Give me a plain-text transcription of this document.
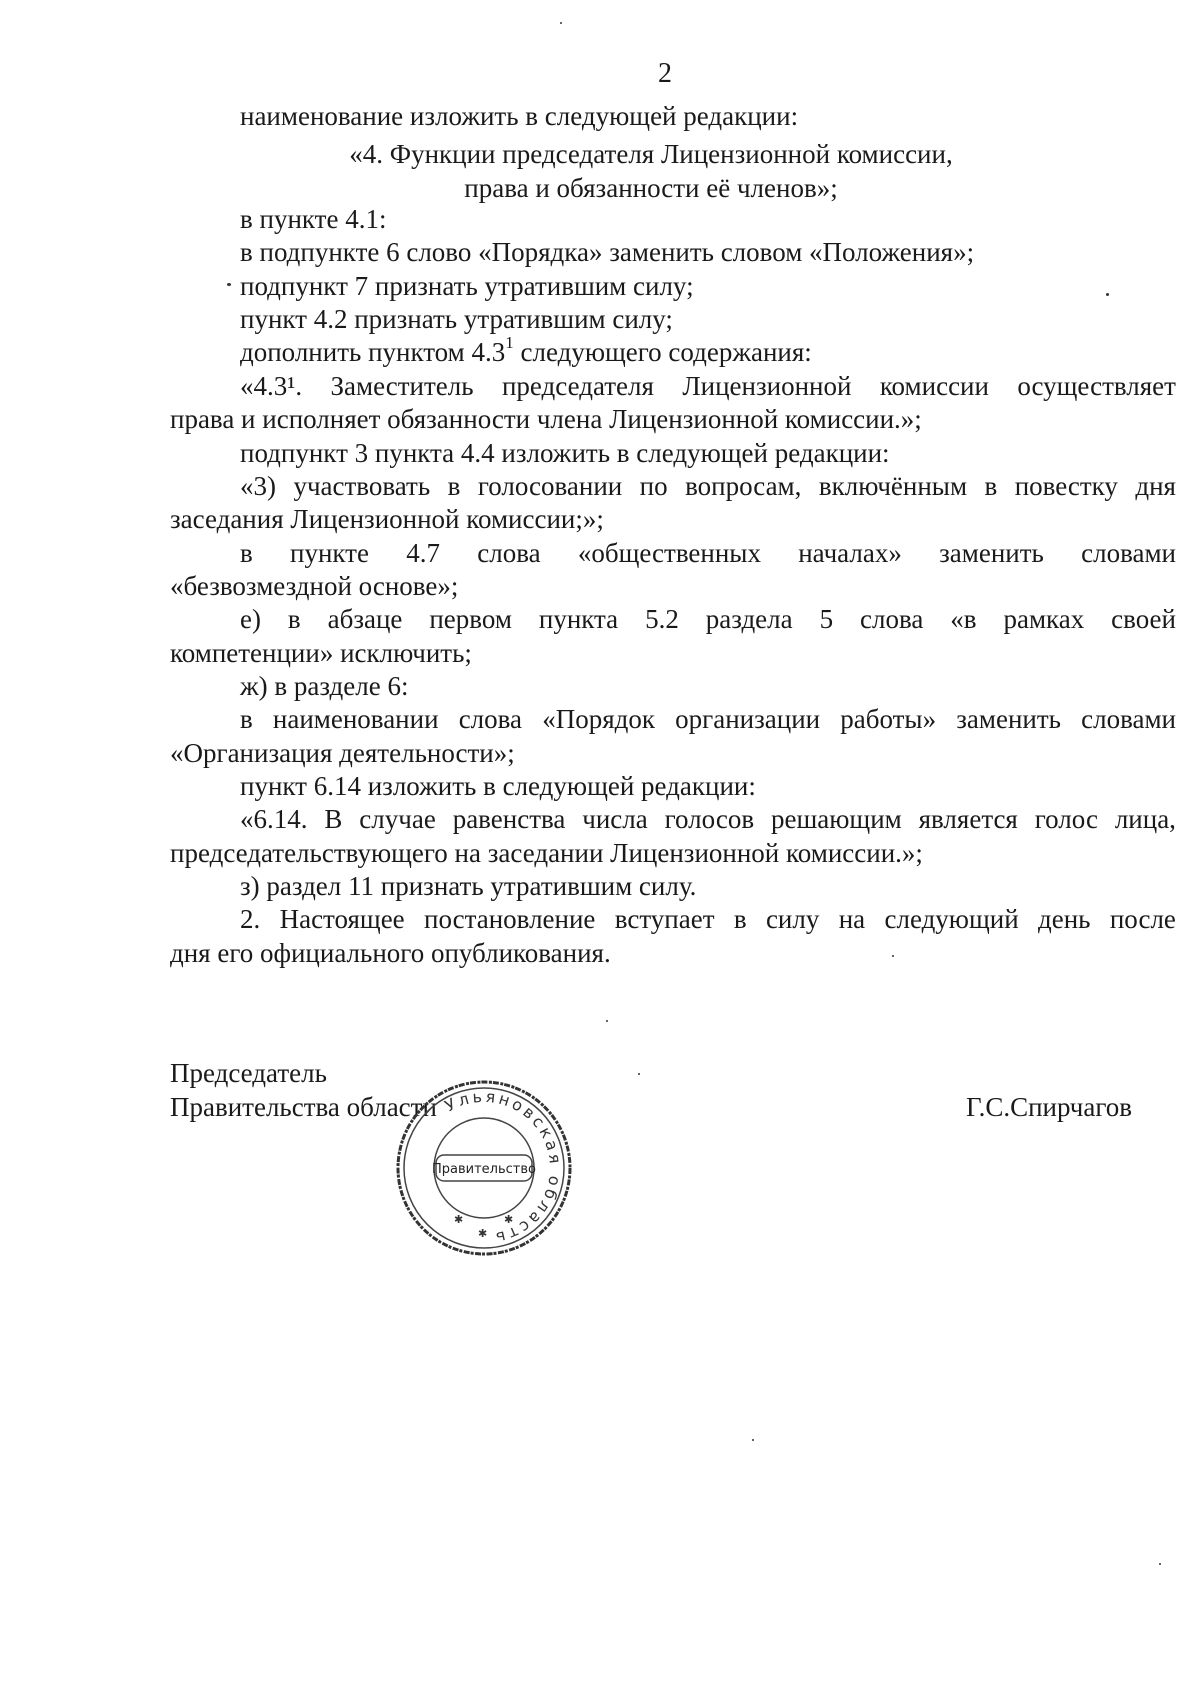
2
наименование изложить в следующей редакции:
«4. Функции председателя Лицензионной комиссии,
права и обязанности её членов»;
в пункте 4.1:
в подпункте 6 слово «Порядка» заменить словом «Положения»;
подпункт 7 признать утратившим силу;
пункт 4.2 признать утратившим силу;
дополнить пунктом $4.3^1$ следующего содержания:
«4.3¹. Заместитель председателя Лицензионной комиссии осуществляет
права и исполняет обязанности члена Лицензионной комиссии.»;
подпункт 3 пункта 4.4 изложить в следующей редакции:
«3) участвовать в голосовании по вопросам, включённым в повестку дня
заседания Лицензионной комиссии;»;
в пункте 4.7 слова «общественных началах» заменить словами
«безвозмездной основе»;
е) в абзаце первом пункта 5.2 раздела 5 слова «в рамках своей
компетенции» исключить;
ж) в разделе 6:
в наименовании слова «Порядок организации работы» заменить словами
«Организация деятельности»;
пункт 6.14 изложить в следующей редакции:
«6.14. В случае равенства числа голосов решающим является голос лица,
председательствующего на заседании Лицензионной комиссии.»;
з) раздел 11 признать утратившим силу.
2. Настоящее постановление вступает в силу на следующий день после
дня его официального опубликования.
Председатель
Правительства области	Г.С.Спирчагов
Ульяновская область
Правительство
✱
✱
✱
